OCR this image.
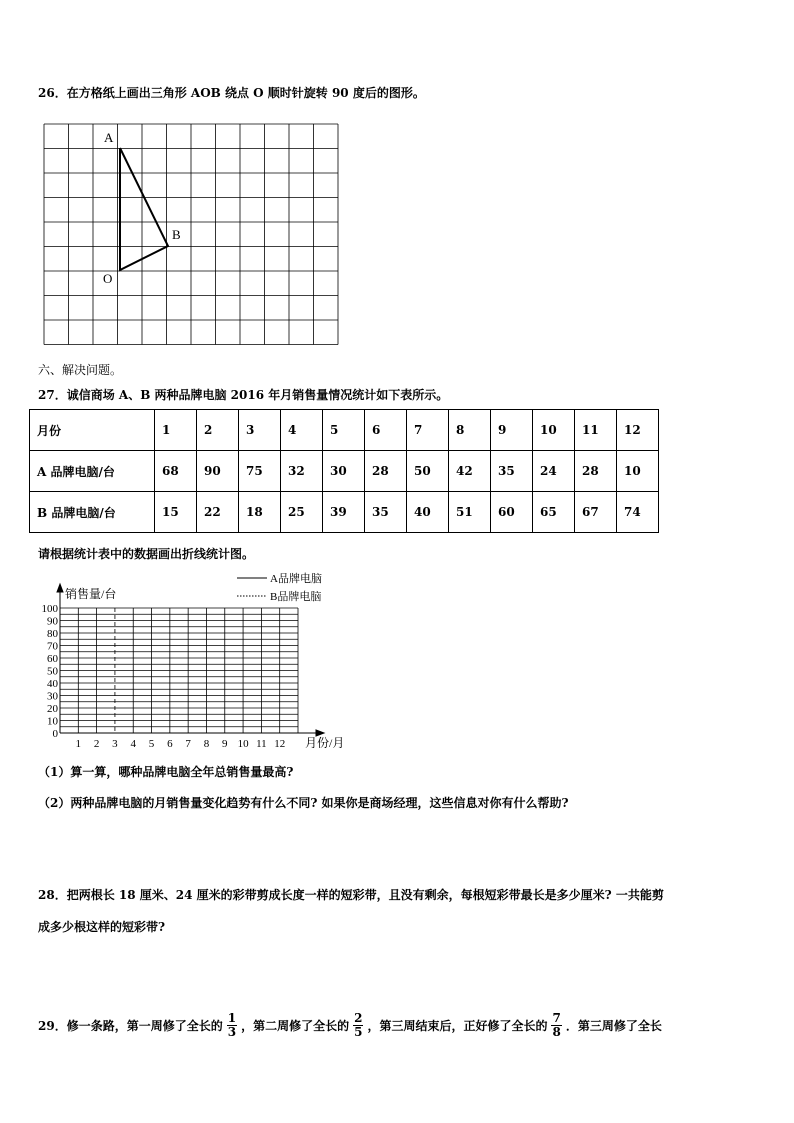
26．在方格纸上画出三角形 AOB 绕点 O 顺时针旋转 90 度后的图形。
A
B
O
六、解决问题。
27．诚信商场 A、B 两种品牌电脑 2016 年月销售量情况统计如下表所示。
月份	1	2	3	4	5	6	7	8	9	10	11	12
A 品牌电脑/台	68	90	75	32	30	28	50	42	35	24	28	10
B 品牌电脑/台	15	22	18	25	39	35	40	51	60	65	67	74
请根据统计表中的数据画出折线统计图。
0
10
20
30
40
50
60
70
80
90
100
1 2 3 4 5 6 7 8 9 10 11 12
销售量/台
月份/月
A品牌电脑
B品牌电脑
（1）算一算，哪种品牌电脑全年总销售量最高?
（2）两种品牌电脑的月销售量变化趋势有什么不同? 如果你是商场经理，这些信息对你有什么帮助?
28．把两根长 18 厘米、24 厘米的彩带剪成长度一样的短彩带，且没有剩余，每根短彩带最长是多少厘米? 一共能剪
成多少根这样的短彩带?
29．修一条路，第一周修了全长的 $\frac{1}{3}$ ，第二周修了全长的 $\frac{2}{5}$ ，第三周结束后，正好修了全长的 $\frac{7}{8}$ ．第三周修了全长
